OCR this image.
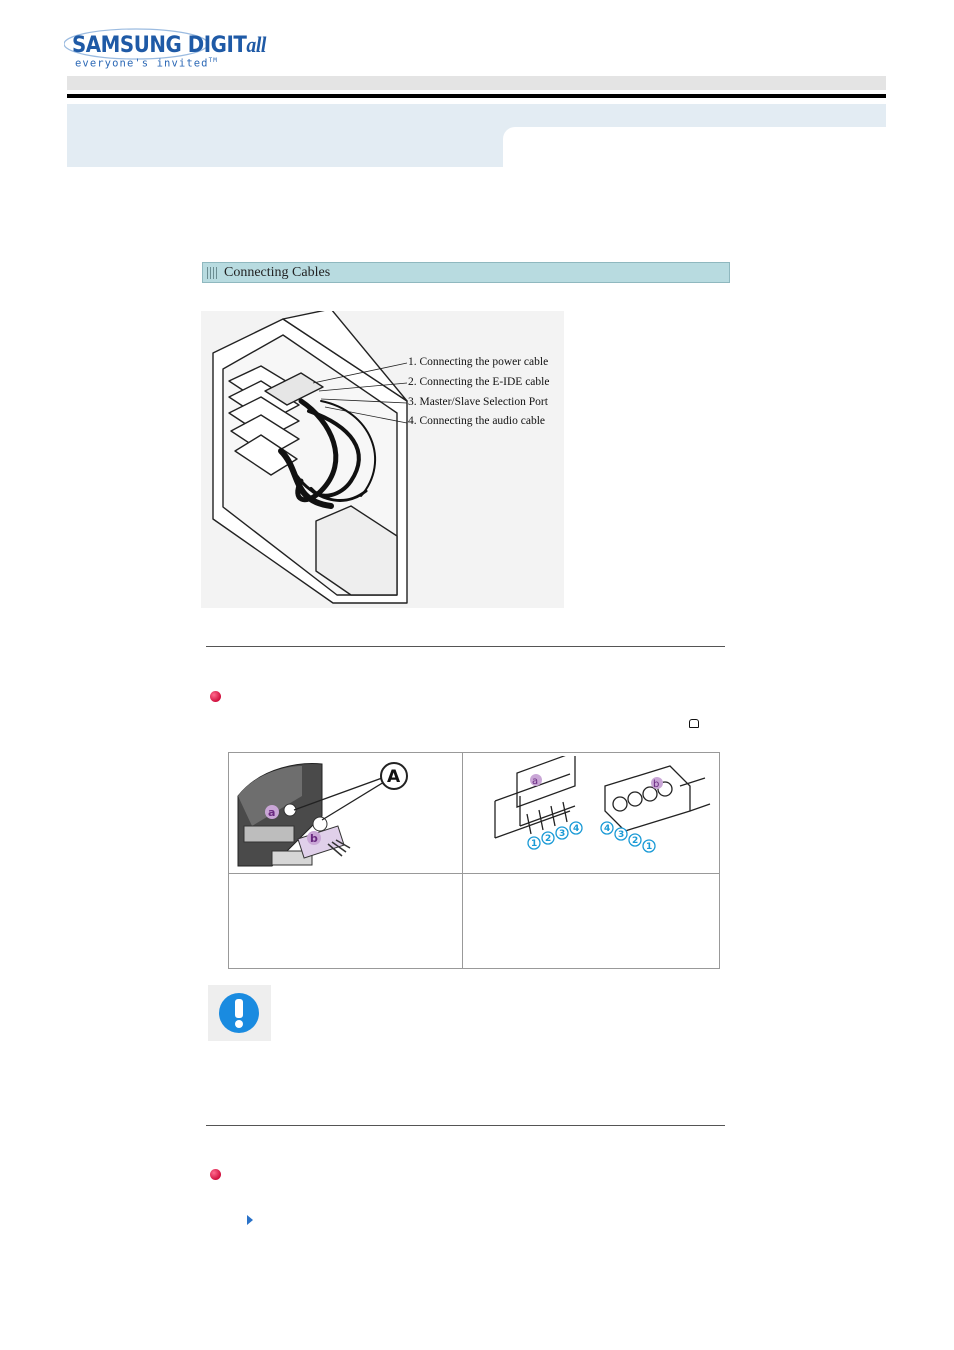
SAMSUNG DIGITall
everyone's invited™
Connecting Cables
1. Connecting the power cable
2. Connecting the E-IDE cable
3. Master/Slave Selection Port
4. Connecting the audio cable
a
b
A	a	b
1 2 3 4	4
3
2
1
